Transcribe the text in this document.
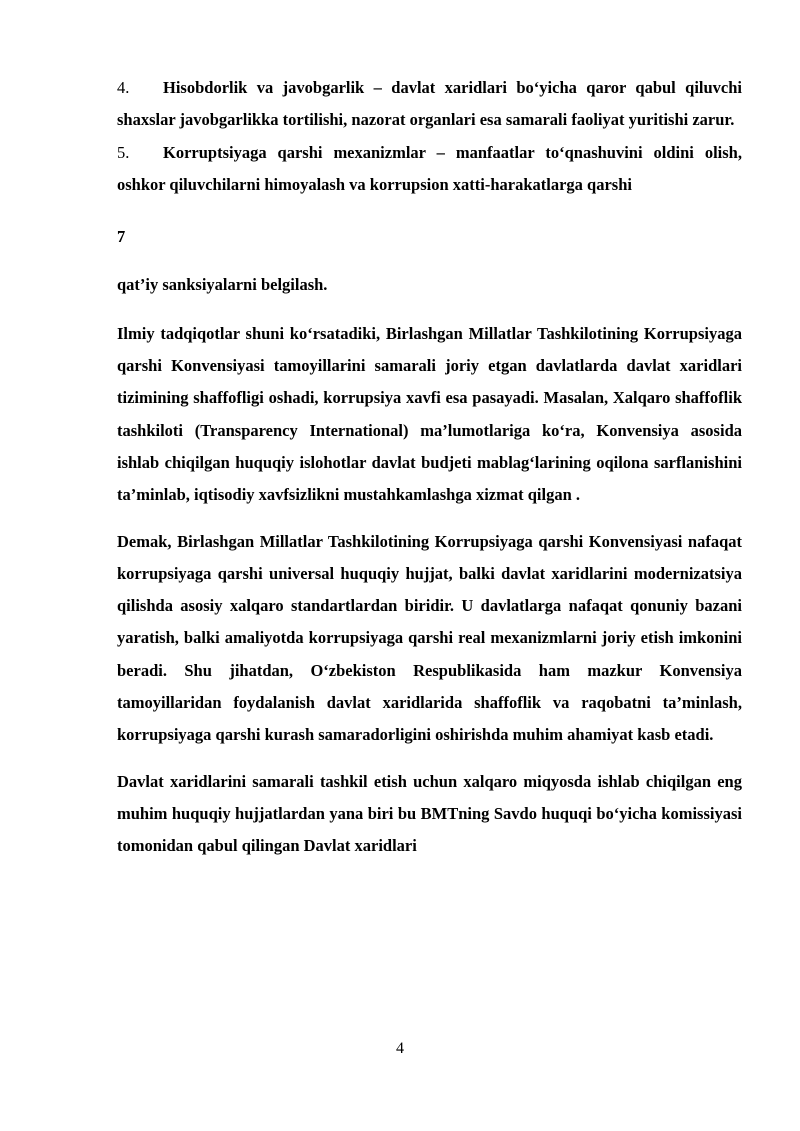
4. Hisobdorlik va javobgarlik – davlat xaridlari bo‘yicha qaror qabul qiluvchi shaxslar javobgarlikka tortilishi, nazorat organlari esa samarali faoliyat yuritishi zarur.

5. Korruptsiyaga qarshi mexanizmlar – manfaatlar to‘qnashuvini oldini olish, oshkor qiluvchilarni himoyalash va korrupsion xatti-harakatlarga qarshi

7

qat’iy sanksiyalarni belgilash.

Ilmiy tadqiqotlar shuni ko‘rsatadiki, Birlashgan Millatlar Tashkilotining Korrupsiyaga qarshi Konvensiyasi tamoyillarini samarali joriy etgan davlatlarda davlat xaridlari tizimining shaffofligi oshadi, korrupsiya xavfi esa pasayadi. Masalan, Xalqaro shaffoflik tashkiloti (Transparency International) ma’lumotlariga ko‘ra, Konvensiya asosida ishlab chiqilgan huquqiy islohotlar davlat budjeti mablag‘larining oqilona sarflanishini ta’minlab, iqtisodiy xavfsizlikni mustahkamlashga xizmat qilgan .

Demak, Birlashgan Millatlar Tashkilotining Korrupsiyaga qarshi Konvensiyasi nafaqat korrupsiyaga qarshi universal huquqiy hujjat, balki davlat xaridlarini modernizatsiya qilishda asosiy xalqaro standartlardan biridir. U davlatlarga nafaqat qonuniy bazani yaratish, balki amaliyotda korrupsiyaga qarshi real mexanizmlarni joriy etish imkonini beradi. Shu jihatdan, O‘zbekiston Respublikasida ham mazkur Konvensiya tamoyillaridan foydalanish davlat xaridlarida shaffoflik va raqobatni ta’minlash, korrupsiyaga qarshi kurash samaradorligini oshirishda muhim ahamiyat kasb etadi.

Davlat xaridlarini samarali tashkil etish uchun xalqaro miqyosda ishlab chiqilgan eng muhim huquqiy hujjatlardan yana biri bu BMTning Savdo huquqi bo‘yicha komissiyasi tomonidan qabul qilingan Davlat xaridlari

4
